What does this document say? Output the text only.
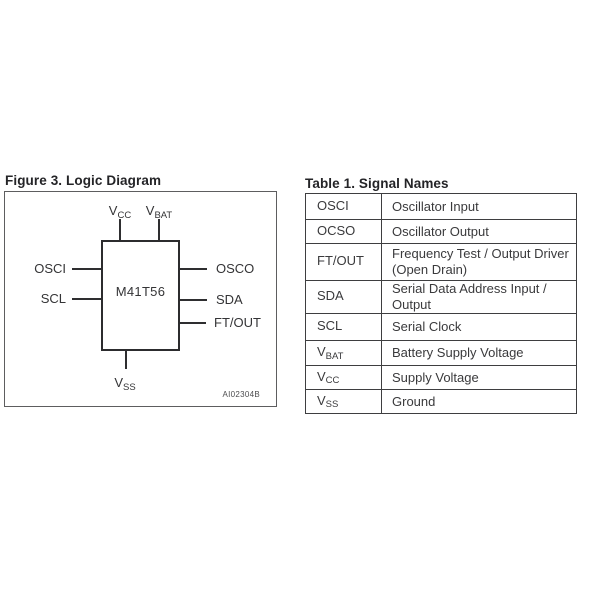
Figure 3. Logic Diagram
M41T56
VCC	VBAT
OSCI
SCL
OSCO
SDA
FT/OUT
VSS
AI02304B
Table 1. Signal Names
OSCI	Oscillator Input

OCSO	Oscillator Output

FT/OUT	Frequency Test / Output Driver
(Open Drain)

SDA	Serial Data Address Input / Output

SCL	Serial Clock

VBAT	Battery Supply Voltage

VCC	Supply Voltage

VSS	Ground
